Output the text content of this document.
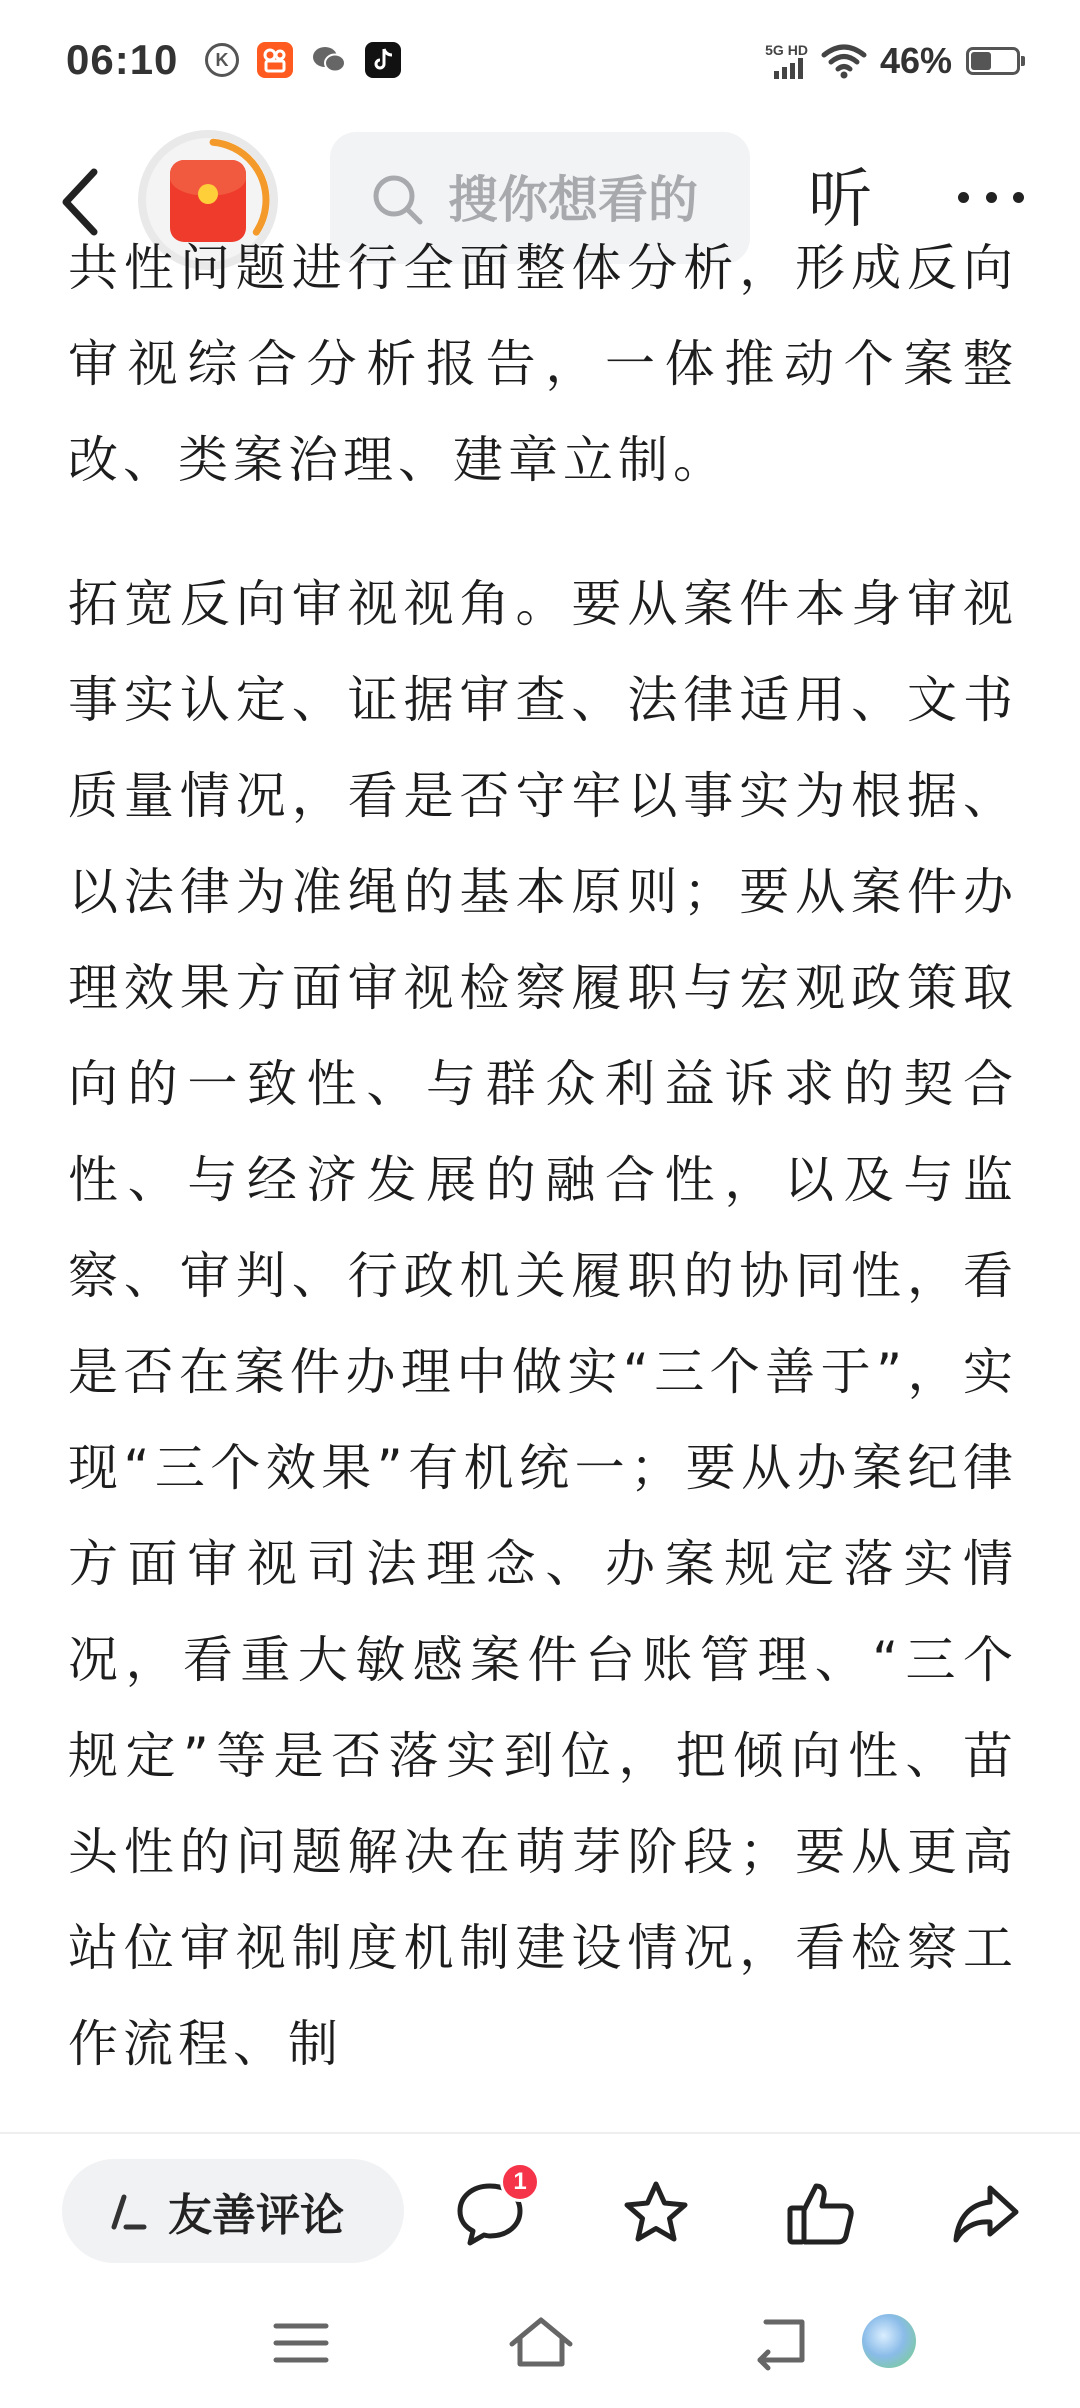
06:10	K	5G HD 46%
搜你想看的 听

共性问题进行全面整体分析，形成反向审视综合分析报告，一体推动个案整改、类案治理、建章立制。

拓宽反向审视视角。要从案件本身审视事实认定、证据审查、法律适用、文书质量情况，看是否守牢以事实为根据、以法律为准绳的基本原则；要从案件办理效果方面审视检察履职与宏观政策取向的一致性、与群众利益诉求的契合性、与经济发展的融合性，以及与监察、审判、行政机关履职的协同性，看是否在案件办理中做实“三个善于”，实现“三个效果”有机统一；要从办案纪律方面审视司法理念、办案规定落实情况，看重大敏感案件台账管理、“三个规定”等是否落实到位，把倾向性、苗头性的问题解决在萌芽阶段；要从更高站位审视制度机制建设情况，看检察工作流程、制

友善评论
1
